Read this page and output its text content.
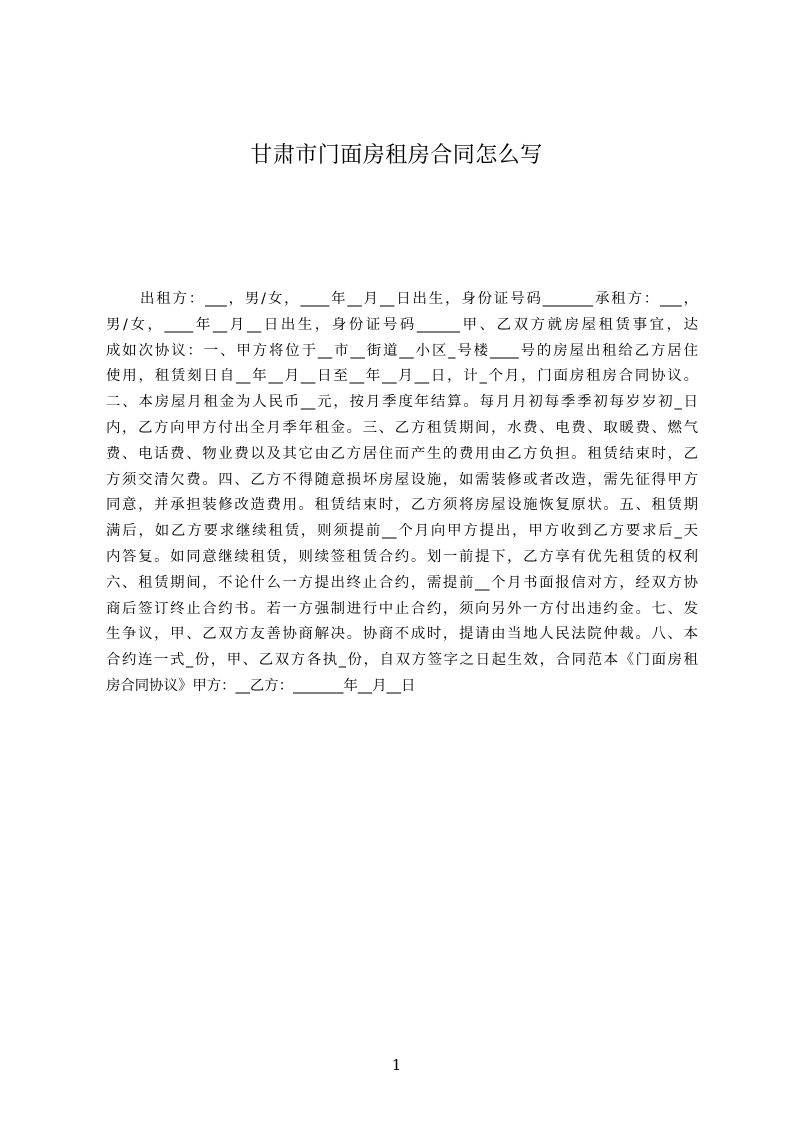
甘肃市门面房租房合同怎么写
出租方：___，男/女，____年__月__日出生，身份证号码_______承租方：___，
男/女，____年__月__日出生，身份证号码______甲、乙双方就房屋租赁事宜，达
成如次协议：一、甲方将位于__市__街道__小区_号楼____号的房屋出租给乙方居住
使用，租赁刻日自__年__月__日至__年__月__日，计_个月，门面房租房合同协议。
二、本房屋月租金为人民币__元，按月季度年结算。每月月初每季季初每岁岁初_日
内，乙方向甲方付出全月季年租金。三、乙方租赁期间，水费、电费、取暖费、燃气
费、电话费、物业费以及其它由乙方居住而产生的费用由乙方负担。租赁结束时，乙
方须交清欠费。四、乙方不得随意损坏房屋设施，如需装修或者改造，需先征得甲方
同意，并承担装修改造费用。租赁结束时，乙方须将房屋设施恢复原状。五、租赁期
满后，如乙方要求继续租赁，则须提前__个月向甲方提出，甲方收到乙方要求后_天
内答复。如同意继续租赁，则续签租赁合约。划一前提下，乙方享有优先租赁的权利
六、租赁期间，不论什么一方提出终止合约，需提前__个月书面报信对方，经双方协
商后签订终止合约书。若一方强制进行中止合约，须向另外一方付出违约金。七、发
生争议，甲、乙双方友善协商解决。协商不成时，提请由当地人民法院仲裁。八、本
合约连一式_份，甲、乙双方各执_份，自双方签字之日起生效，合同范本《门面房租
房合同协议》甲方：__乙方：_______年__月__日
1
